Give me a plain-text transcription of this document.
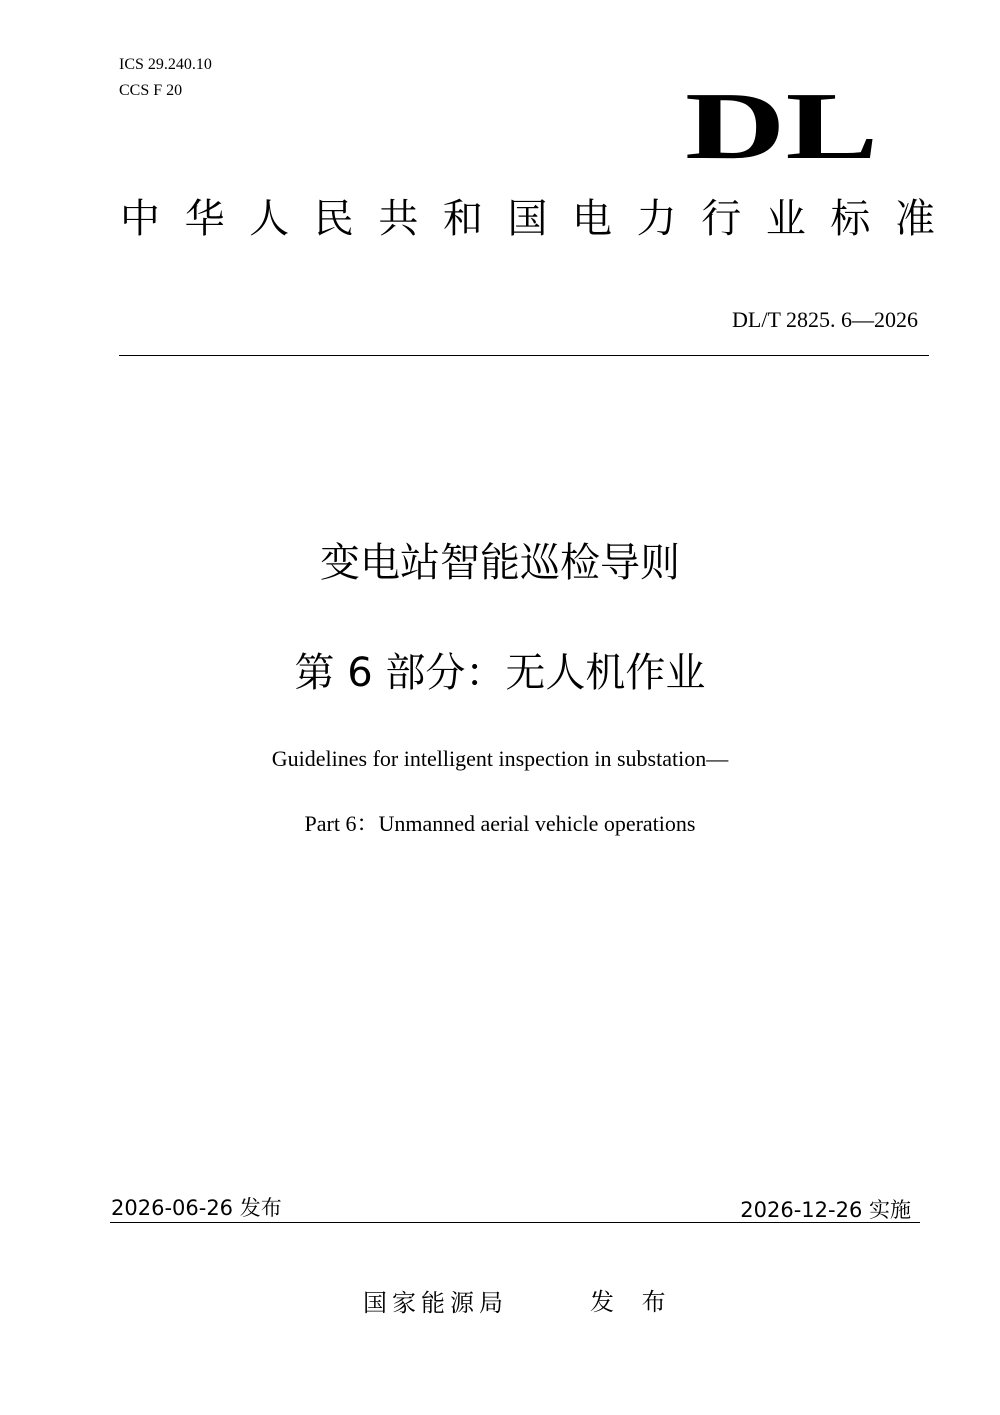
ICS 29.240.10
CCS F 20	DL
中 华 人 民 共 和 国 电 力 行 业 标 准
DL/T 2825. 6—2026
变电站智能巡检导则
第 6 部分：无人机作业
Guidelines for intelligent inspection in substation—
Part 6：Unmanned aerial vehicle operations
2026-06-26 发布	2026-12-26 实施
国家能源局	发 布
